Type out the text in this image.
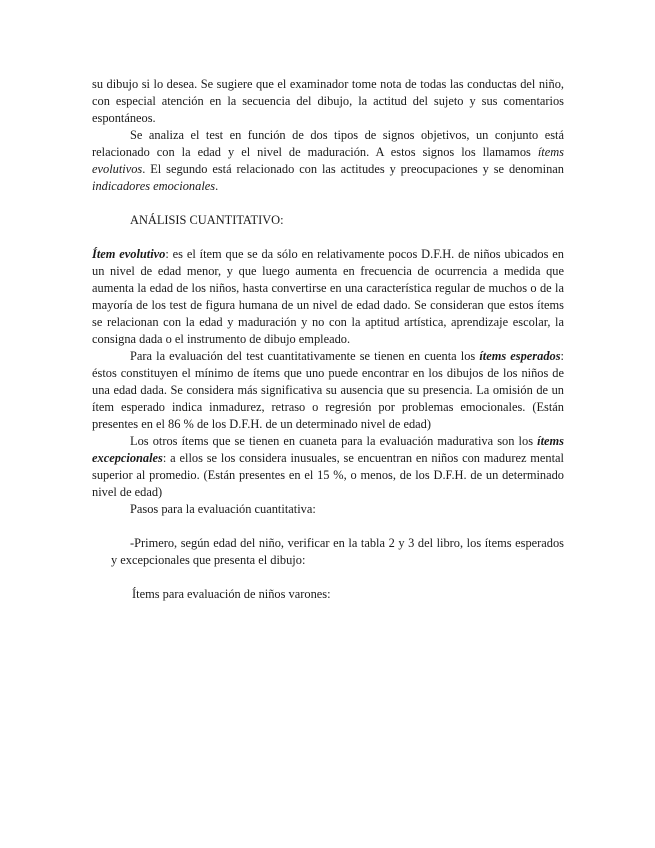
su dibujo si lo desea. Se sugiere que el examinador tome nota de todas las conductas del niño, con especial atención en la secuencia del dibujo, la actitud del sujeto y sus comentarios espontáneos.

Se analiza el test en función de dos tipos de signos objetivos, un conjunto está relacionado con la edad y el nivel de maduración. A estos signos los llamamos ítems evolutivos. El segundo está relacionado con las actitudes y preocupaciones y se denominan indicadores emocionales.

ANÁLISIS CUANTITATIVO:

Ítem evolutivo: es el ítem que se da sólo en relativamente pocos D.F.H. de niños ubicados en un nivel de edad menor, y que luego aumenta en frecuencia de ocurrencia a medida que aumenta la edad de los niños, hasta convertirse en una característica regular de muchos o de la mayoría de los test de figura humana de un nivel de edad dado. Se consideran que estos ítems se relacionan con la edad y maduración y no con la aptitud artística, aprendizaje escolar, la consigna dada o el instrumento de dibujo empleado.

Para la evaluación del test cuantitativamente se tienen en cuenta los ítems esperados: éstos constituyen el mínimo de ítems que uno puede encontrar en los dibujos de los niños de una edad dada. Se considera más significativa su ausencia que su presencia. La omisión de un ítem esperado indica inmadurez, retraso o regresión por problemas emocionales. (Están presentes en el 86 % de los D.F.H. de un determinado nivel de edad)

Los otros ítems que se tienen en cuaneta para la evaluación madurativa son los ítems excepcionales: a ellos se los considera inusuales, se encuentran en niños con madurez mental superior al promedio. (Están presentes en el 15 %, o menos, de los D.F.H. de un determinado nivel de edad)

Pasos para la evaluación cuantitativa:

-Primero, según edad del niño, verificar en la tabla 2 y 3 del libro, los ítems esperados y excepcionales que presenta el dibujo:

Ítems para evaluación de niños varones:
